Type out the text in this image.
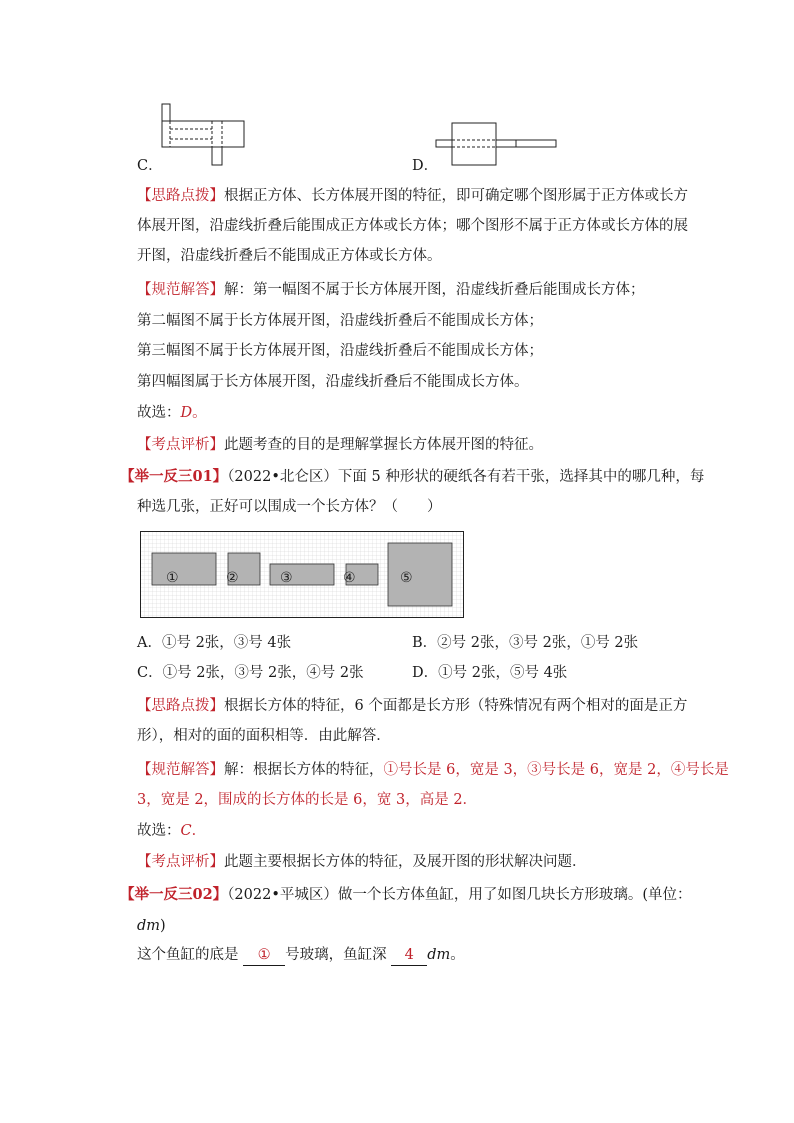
C．	D．
【思路点拨】根据正方体、长方体展开图的特征，即可确定哪个图形属于正方体或长方
体展开图，沿虚线折叠后能围成正方体或长方体；哪个图形不属于正方体或长方体的展
开图，沿虚线折叠后不能围成正方体或长方体。
【规范解答】解：第一幅图不属于长方体展开图，沿虚线折叠后能围成长方体；
第二幅图不属于长方体展开图，沿虚线折叠后不能围成长方体；
第三幅图不属于长方体展开图，沿虚线折叠后不能围成长方体；
第四幅图属于长方体展开图，沿虚线折叠后不能围成长方体。
故选：D。
【考点评析】此题考查的目的是理解掌握长方体展开图的特征。
【举一反三01】（2022•北仑区）下面 5 种形状的硬纸各有若干张，选择其中的哪几种，每
种选几张，正好可以围成一个长方体？（　　）
①	②	③	④	⑤
A．①号 2张，③号 4张	B．②号 2张，③号 2张，①号 2张
C．①号 2张，③号 2张，④号 2张	D．①号 2张，⑤号 4张
【思路点拨】根据长方体的特征，6 个面都是长方形（特殊情况有两个相对的面是正方
形），相对的面的面积相等．由此解答．
【规范解答】解：根据长方体的特征，①号长是 6，宽是 3，③号长是 6，宽是 2，④号长是
3，宽是 2，围成的长方体的长是 6，宽 3，高是 2．
故选：C．
【考点评析】此题主要根据长方体的特征，及展开图的形状解决问题．
【举一反三02】（2022•平城区）做一个长方体鱼缸，用了如图几块长方形玻璃。(单位：
dm)
这个鱼缸的底是 ① 号玻璃，鱼缸深 4 dm。
